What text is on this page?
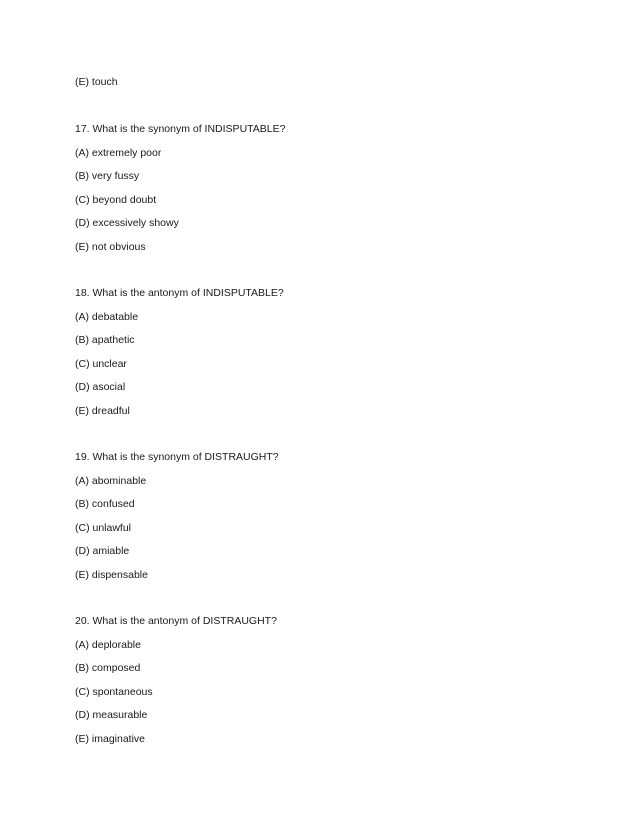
(E) touch
17. What is the synonym of INDISPUTABLE?
(A) extremely poor
(B) very fussy
(C) beyond doubt
(D) excessively showy
(E) not obvious
18. What is the antonym of INDISPUTABLE?
(A) debatable
(B) apathetic
(C) unclear
(D) asocial
(E) dreadful
19. What is the synonym of DISTRAUGHT?
(A) abominable
(B) confused
(C) unlawful
(D) amiable
(E) dispensable
20. What is the antonym of DISTRAUGHT?
(A) deplorable
(B) composed
(C) spontaneous
(D) measurable
(E) imaginative
